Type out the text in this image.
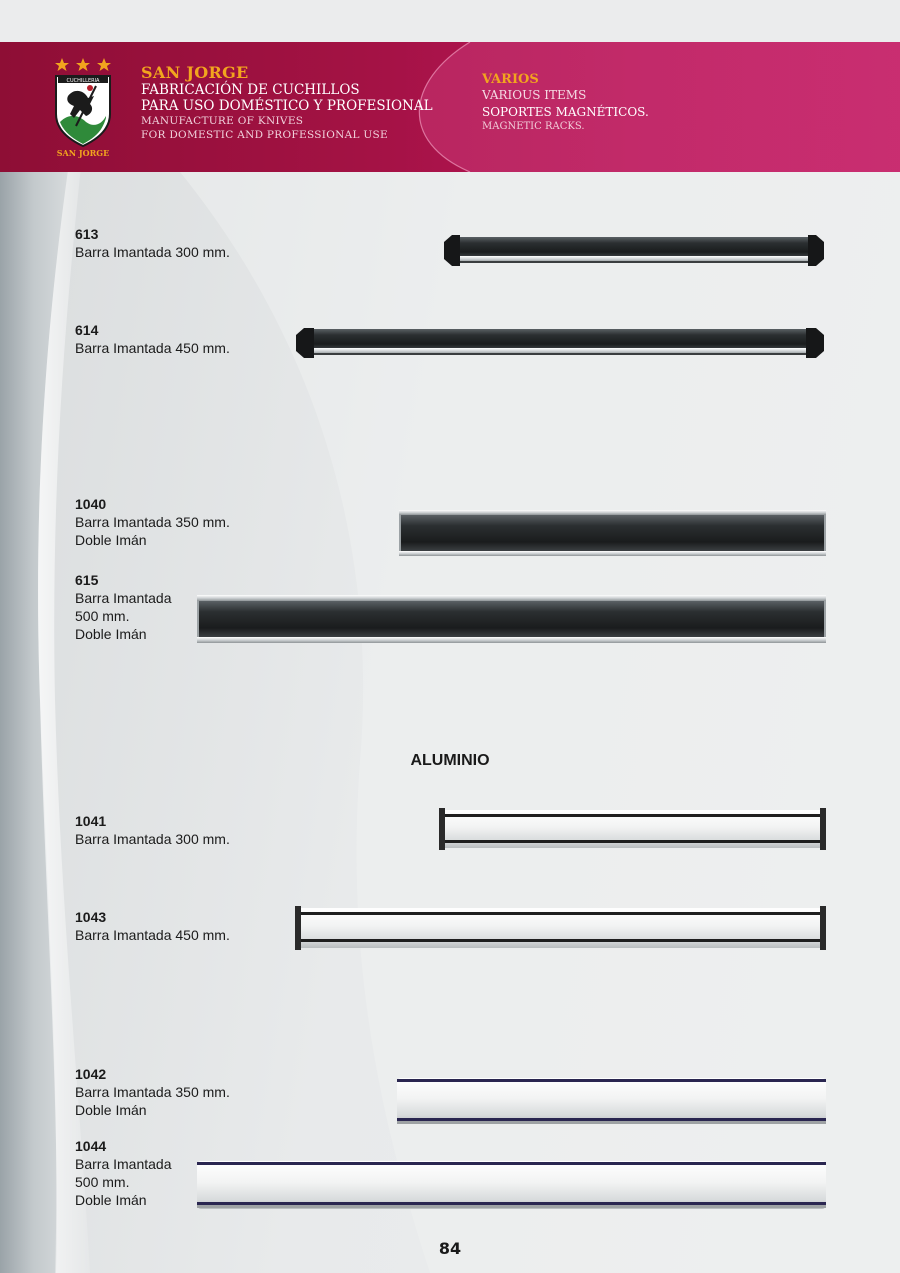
CUCHILLERIA
SAN JORGE
SAN JORGE
FABRICACIÓN DE CUCHILLOS
PARA USO DOMÉSTICO Y PROFESIONAL
MANUFACTURE OF KNIVES
FOR DOMESTIC AND PROFESSIONAL USE
VARIOS
VARIOUS ITEMS
SOPORTES MAGNÉTICOS.
MAGNETIC RACKS.
613
Barra Imantada 300 mm.
614
Barra Imantada 450 mm.
1040
Barra Imantada 350 mm.
Doble Imán
615
Barra Imantada
500 mm.
Doble Imán
ALUMINIO
1041
Barra Imantada 300 mm.
1043
Barra Imantada 450 mm.
1042
Barra Imantada 350 mm.
Doble Imán
1044
Barra Imantada
500 mm.
Doble Imán
84
